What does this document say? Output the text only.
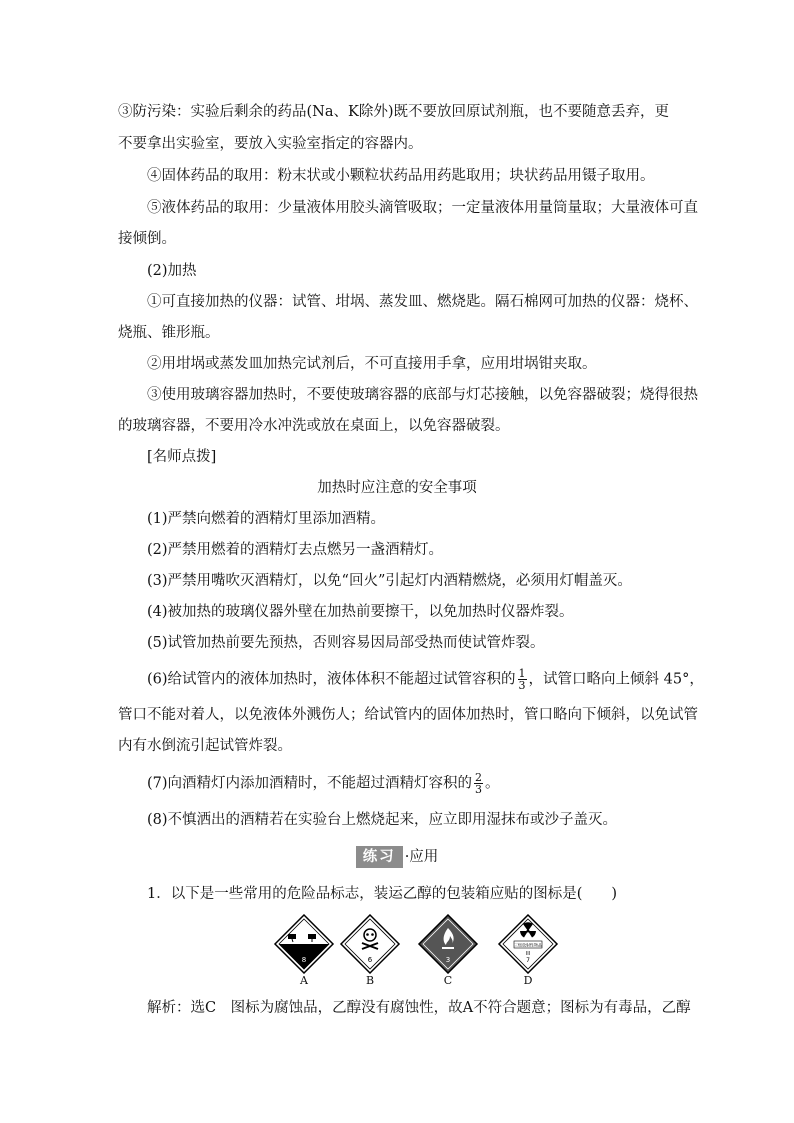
③防污染：实验后剩余的药品(Na、K除外)既不要放回原试剂瓶，也不要随意丢弃，更
不要拿出实验室，要放入实验室指定的容器内。
④固体药品的取用：粉末状或小颗粒状药品用药匙取用；块状药品用镊子取用。
⑤液体药品的取用：少量液体用胶头滴管吸取；一定量液体用量筒量取；大量液体可直
接倾倒。
(2)加热
①可直接加热的仪器：试管、坩埚、蒸发皿、燃烧匙。隔石棉网可加热的仪器：烧杯、
烧瓶、锥形瓶。
②用坩埚或蒸发皿加热完试剂后，不可直接用手拿，应用坩埚钳夹取。
③使用玻璃容器加热时，不要使玻璃容器的底部与灯芯接触，以免容器破裂；烧得很热
的玻璃容器，不要用冷水冲洗或放在桌面上，以免容器破裂。
[名师点拨]
加热时应注意的安全事项
(1)严禁向燃着的酒精灯里添加酒精。
(2)严禁用燃着的酒精灯去点燃另一盏酒精灯。
(3)严禁用嘴吹灭酒精灯，以免“回火”引起灯内酒精燃烧，必须用灯帽盖灭。
(4)被加热的玻璃仪器外壁在加热前要擦干，以免加热时仪器炸裂。
(5)试管加热前要先预热，否则容易因局部受热而使试管炸裂。
(6)给试管内的液体加热时，液体体积不能超过试管容积的 $\frac{1}{3}$ ，试管口略向上倾斜 45°，
管口不能对着人，以免液体外溅伤人；给试管内的固体加热时，管口略向下倾斜，以免试管
内有水倒流引起试管炸裂。
(7)向酒精灯内添加酒精时，不能超过酒精灯容积的 $\frac{2}{3}$ 。
(8)不慎洒出的酒精若在实验台上燃烧起来，应立即用湿抹布或沙子盖灭。
练习 ·应用
1．以下是一些常用的危险品标志，装运乙醇的包装箱应贴的图标是(　　)
8
A
6
B
3
C
三级放射性物品
III
7
D
解析：选C　图标为腐蚀品，乙醇没有腐蚀性，故A不符合题意；图标为有毒品，乙醇
